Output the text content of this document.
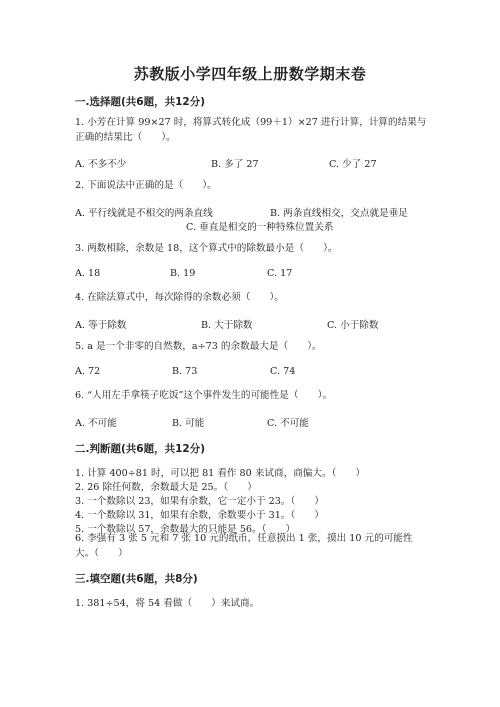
苏教版小学四年级上册数学期末卷
一.选择题(共6题，共12分)
1. 小芳在计算 99×27 时，将算式转化成（99＋1）×27 进行计算，计算的结果与正确的结果比（　　）。
A. 不多不少	B. 多了 27	C. 少了 27
2. 下面说法中正确的是（　　）。
A. 平行线就是不相交的两条直线	B. 两条直线相交，交点就是垂足
C. 垂直是相交的一种特殊位置关系
3. 两数相除，余数是 18，这个算式中的除数最小是（　　）。
A. 18	B. 19	C. 17
4. 在除法算式中，每次除得的余数必须（　　）。
A. 等于除数	B. 大于除数	C. 小于除数
5. a 是一个非零的自然数，a÷73 的余数最大是（　　）。
A. 72	B. 73	C. 74
6. “人用左手拿筷子吃饭”这个事件发生的可能性是（　　）。
A. 不可能	B. 可能	C. 不可能
二.判断题(共6题，共12分)
1. 计算 400÷81 时，可以把 81 看作 80 来试商，商偏大。（　　）
2. 26 除任何数，余数最大是 25。（　　）
3. 一个数除以 23，如果有余数，它一定小于 23。（　　）
4. 一个数除以 31，如果有余数，余数要小于 31。（　　）
5. 一个数除以 57，余数最大的只能是 56。（　　）
6. 李强有 3 张 5 元和 7 张 10 元的纸币，任意摸出 1 张，摸出 10 元的可能性大。（　　）
三.填空题(共6题，共8分)
1. 381÷54，将 54 看做（　　）来试商。
